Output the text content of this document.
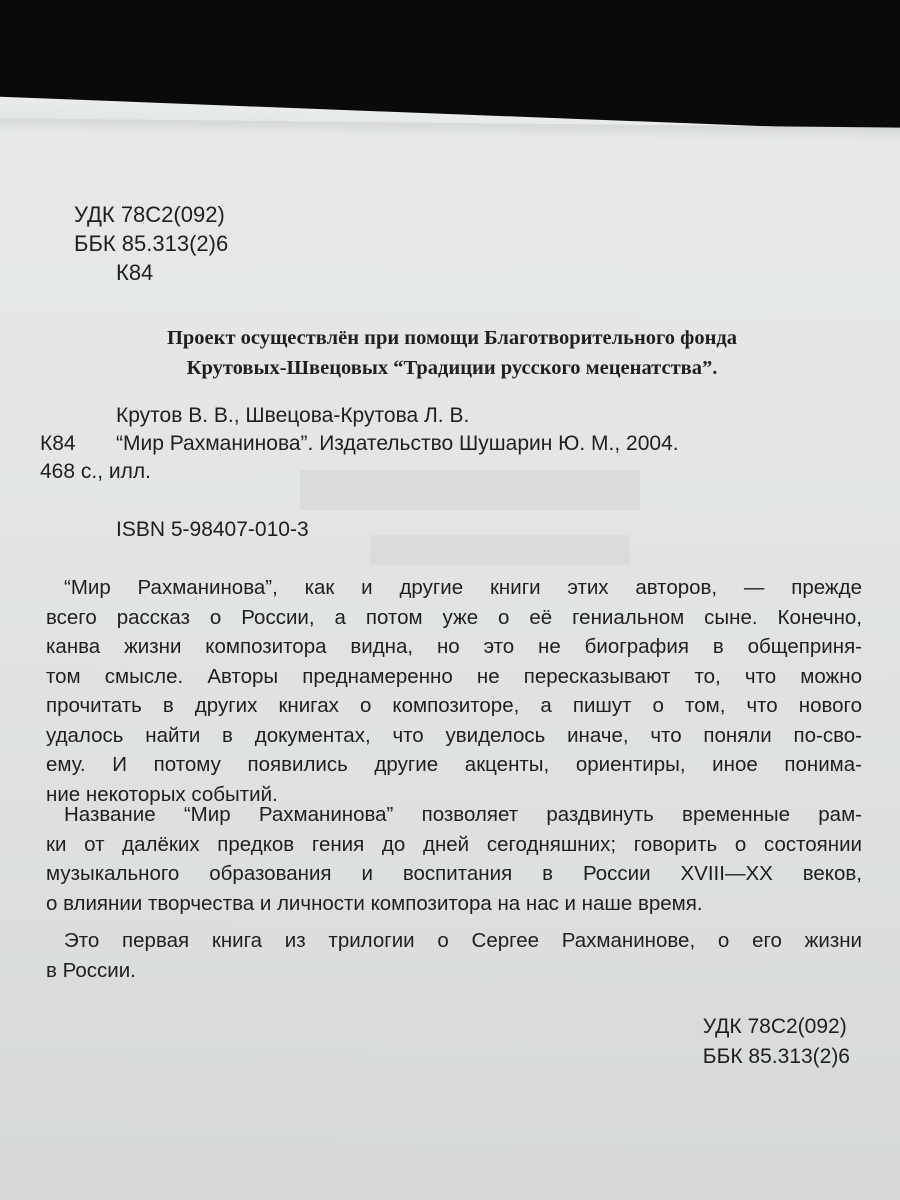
УДК 78С2(092)
ББК 85.313(2)6
К84
Проект осуществлён при помощи Благотворительного фонда
Крутовых-Швецовых “Традиции русского меценатства”.
Крутов В. В., Швецова-Крутова Л. В.
К84	“Мир Рахманинова”. Издательство Шушарин Ю. М., 2004.
468 с., илл.
ISBN 5-98407-010-3
“Мир Рахманинова”, как и другие книги этих авторов, — прежде
всего рассказ о России, а потом уже о её гениальном сыне. Конечно,
канва жизни композитора видна, но это не биография в общеприня-
том смысле. Авторы преднамеренно не пересказывают то, что можно
прочитать в других книгах о композиторе, а пишут о том, что нового
удалось найти в документах, что увиделось иначе, что поняли по-сво-
ему. И потому появились другие акценты, ориентиры, иное понима-
ние некоторых событий.
Название “Мир Рахманинова” позволяет раздвинуть временные рам-
ки от далёких предков гения до дней сегодняшних; говорить о состоянии
музыкального образования и воспитания в России XVIII—XX веков,
о влиянии творчества и личности композитора на нас и наше время.
Это первая книга из трилогии о Сергее Рахманинове, о его жизни
в России.
УДК 78С2(092)
ББК 85.313(2)6
